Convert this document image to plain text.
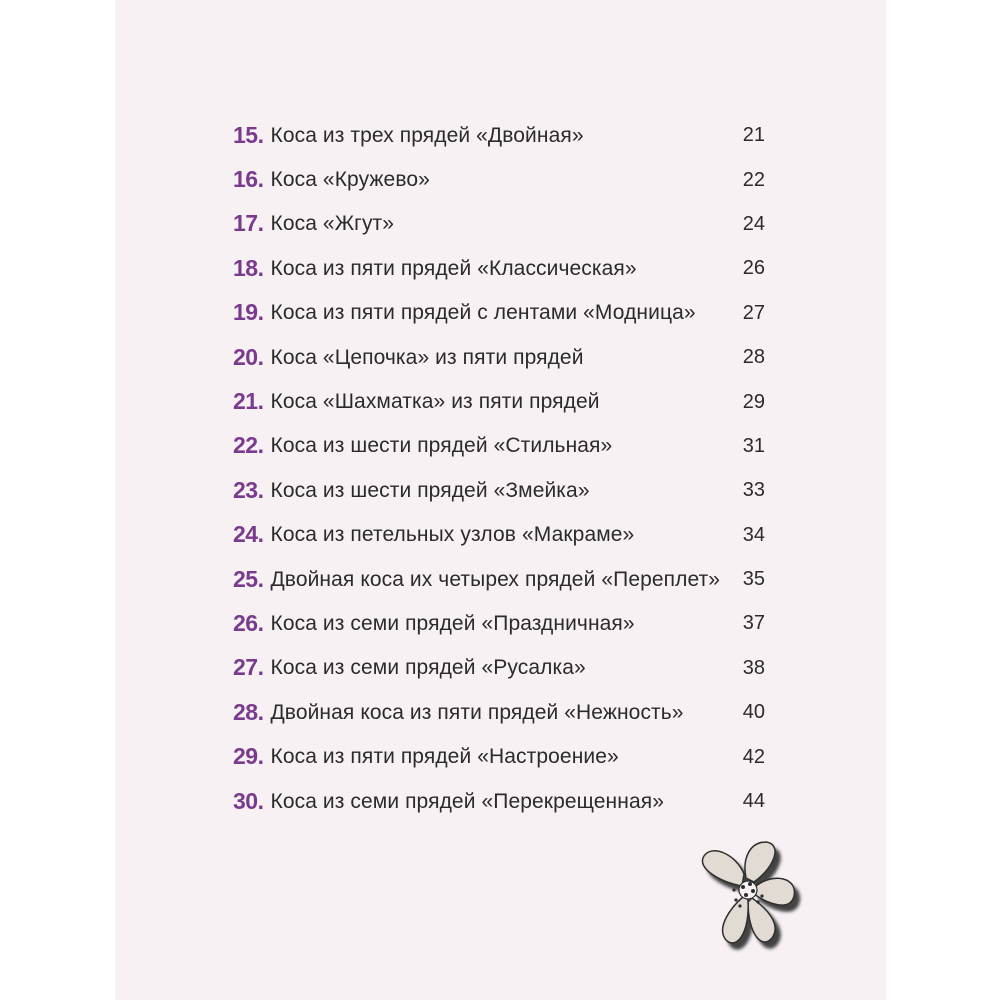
15. Коса из трех прядей «Двойная»	21
16. Коса «Кружево»	22
17. Коса «Жгут»	24
18. Коса из пяти прядей «Классическая»	26
19. Коса из пяти прядей с лентами «Модница» 27
20. Коса «Цепочка» из пяти прядей	28
21. Коса «Шахматка» из пяти прядей	29
22. Коса из шести прядей «Стильная»	31
23. Коса из шести прядей «Змейка»	33
24. Коса из петельных узлов «Макраме»	34
25. Двойная коса их четырех прядей «Переплет» 35
26. Коса из семи прядей «Праздничная»	37
27. Коса из семи прядей «Русалка»	38
28. Двойная коса из пяти прядей «Нежность»	40
29. Коса из пяти прядей «Настроение»	42
30. Коса из семи прядей «Перекрещенная»	44
